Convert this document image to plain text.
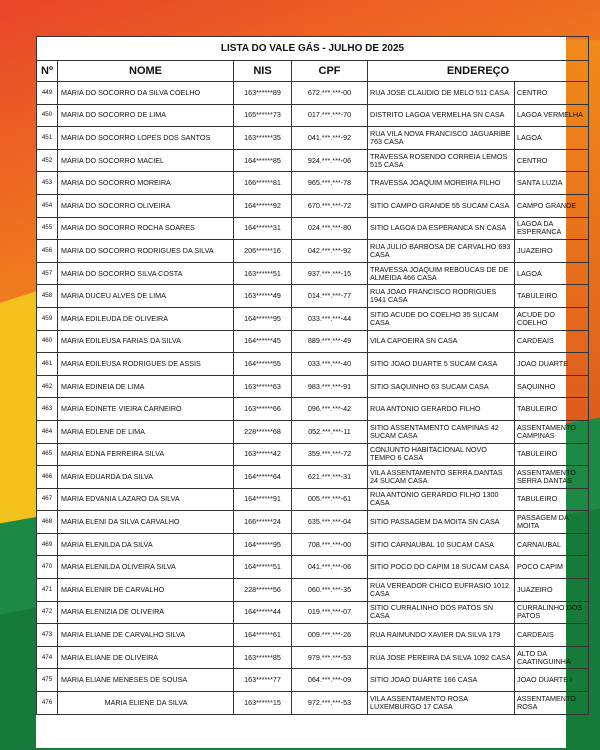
LISTA DO VALE GÁS - JULHO DE 2025					
Nº	NOME	NIS	CPF	ENDEREÇO	
449	MARIA DO SOCORRO DA SILVA COELHO	163******89	672.***.***-00	RUA JOSE CLAUDIO DE MELO 511 CASA	CENTRO
450	MARIA DO SOCORRO DE LIMA	165******73	017.***.***-70	DISTRITO LAGOA VERMELHA SN CASA	LAGOA VERMELHA
451	MARIA DO SOCORRO LOPES DOS SANTOS	163******35	041.***.***-92	RUA VILA NOVA FRANCISCO JAGUARIBE 763 CASA	LAGOA
452	MARIA DO SOCORRO MACIEL	164******85	924.***.***-06	TRAVESSA ROSENDO CORREIA LEMOS 515 CASA	CENTRO
453	MARIA DO SOCORRO MOREIRA	166******81	965.***.***-78	TRAVESSA JOAQUIM MOREIRA FILHO	SANTA LUZIA
454	MARIA DO SOCORRO OLIVEIRA	164******92	670.***.***-72	SITIO CAMPO GRANDE 55 SUCAM CASA	CAMPO GRANDE
455	MARIA DO SOCORRO ROCHA SOARES	164******31	024.***.***-80	SITIO LAGOA DA ESPERANCA SN CASA	LAGOA DA ESPERANCA
456	MARIA DO SOCORRO RODRIGUES DA SILVA	206******16	042.***.***-92	RUA JULIO BARBOSA DE CARVALHO 693 CASA	JUAZEIRO
457	MARIA DO SOCORRO SILVA COSTA	163******51	937.***.***-15	TRAVESSA JOAQUIM REBOUCAS DE DE ALMEIDA 466 CASA	LAGOA
458	MARIA DUCEU ALVES DE LIMA	163******49	014.***.***-77	RUA JOAO FRANCISCO RODRIGUES 1941 CASA	TABULEIRO
459	MARIA EDILEUDA DE OLIVEIRA	164******95	033.***.***-44	SITIO ACUDE DO COELHO 35 SUCAM CASA	ACUDE DO COELHO
460	MARIA EDILEUSA FARIAS DA SILVA	164******45	889.***.***-49	VILA CAPOEIRA SN CASA	CARDEAIS
461	MARIA EDILEUSA RODRIGUES DE ASSIS	164******55	033.***.***-40	SITIO JOAO DUARTE 5 SUCAM CASA	JOAO DUARTE
462	MARIA EDINEIA DE LIMA	163******63	983.***.***-91	SITIO SAQUINHO 63 SUCAM CASA	SAQUINHO
463	MARIA EDINETE VIEIRA CARNEIRO	163******66	096.***.***-42	RUA ANTONIO GERARDO FILHO	TABULEIRO
464	MARIA EDLENE DE LIMA	228******68	052.***.***-11	SITIO ASSENTAMENTO CAMPINAS 42 SUCAM CASA	ASSENTAMENTO CAMPINAS
465	MARIA EDNA FERREIRA SILVA	163******42	359.***.***-72	CONJUNTO HABITACIONAL NOVO TEMPO 6 CASA	TABULEIRO
466	MARIA EDUARDA DA SILVA	164******64	621.***.***-31	VILA ASSENTAMENTO SERRA DANTAS 24 SUCAM CASA	ASSENTAMENTO SERRA DANTAS
467	MARIA EDVANIA LAZARO DA SILVA	164******91	005.***.***-61	RUA ANTONIO GERARDO FILHO 1300 CASA	TABULEIRO
468	MARIA ELENI DA SILVA CARVALHO	166******24	635.***.***-04	SITIO PASSAGEM DA MOITA SN CASA	PASSAGEM DA MOITA
469	MARIA ELENILDA DA SILVA	164******95	708.***.***-00	SITIO CARNAUBAL 10 SUCAM CASA	CARNAUBAL
470	MARIA ELENILDA OLIVEIRA SILVA	164******51	041.***.***-06	SITIO POCO DO CAPIM 18 SUCAM CASA	POCO CAPIM
471	MARIA ELENIR DE CARVALHO	228******56	060.***.***-35	RUA VEREADOR CHICO EUFRASIO 1012 CASA	JUAZEIRO
472	MARIA ELENIZIA DE OLIVEIRA	164******44	019.***.***-07	SITIO CURRALINHO DOS PATOS SN CASA	CURRALINHO DOS PATOS
473	MARIA ELIANE DE CARVALHO SILVA	164******61	009.***.***-26	RUA RAIMUNDO XAVIER DA SILVA 179	CARDEAIS
474	MARIA ELIANE DE OLIVEIRA	163******85	979.***.***-53	RUA JOSE PEREIRA DA SILVA 1092 CASA	ALTO DA CAATINGUINHA
475	MARIA ELIANE MENESES DE SOUSA	163******77	064.***.***-09	SITIO JOAO DUARTE 166 CASA	JOAO DUARTE I
476	MARIA ELIENE DA SILVA	163******15	972.***.***-53	VILA ASSENTAMENTO ROSA LUXEMBURGO 17 CASA	ASSENTAMENTO ROSA
